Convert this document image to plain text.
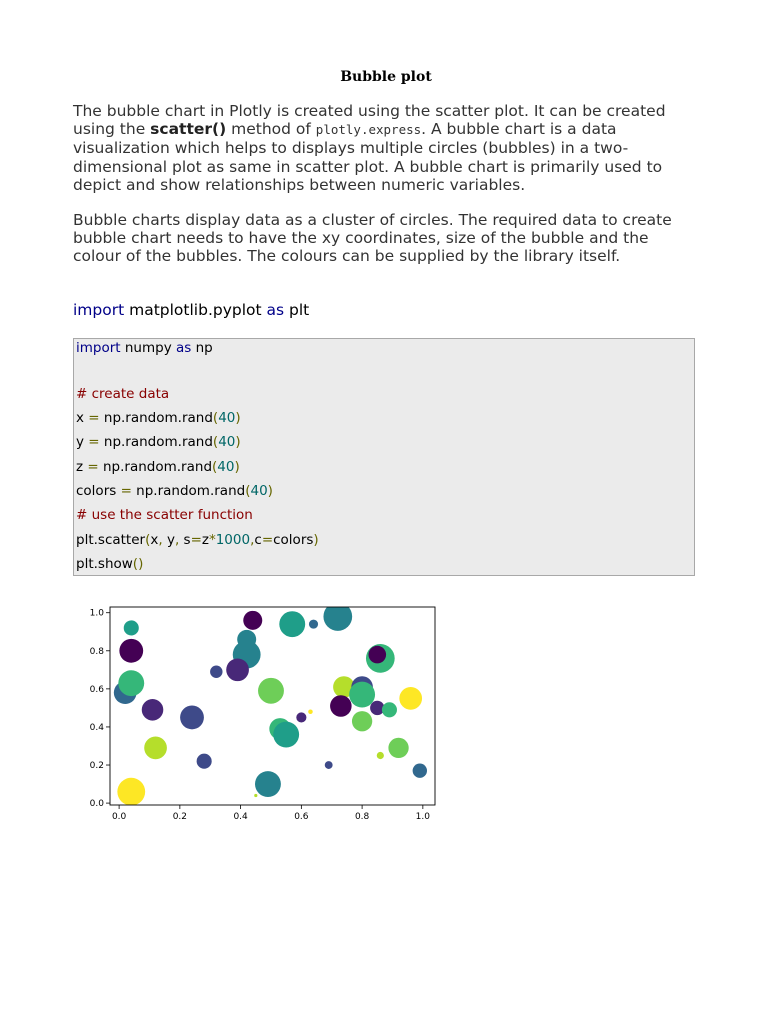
Bubble plot
The bubble chart in Plotly is created using the scatter plot. It can be created using the scatter() method of plotly.express. A bubble chart is a data visualization which helps to displays multiple circles (bubbles) in a two-dimensional plot as same in scatter plot. A bubble chart is primarily used to depict and show relationships between numeric variables.
Bubble charts display data as a cluster of circles. The required data to create bubble chart needs to have the xy coordinates, size of the bubble and the colour of the bubbles. The colours can be supplied by the library itself.
import matplotlib.pyplot as plt
import numpy as np
# create data
x = np.random.rand(40)
y = np.random.rand(40)
z = np.random.rand(40)
colors = np.random.rand(40)
# use the scatter function
plt.scatter(x, y, s=z*1000,c=colors)
plt.show()
0.0	0.2	0.4	0.6	0.8	1.0
0.0
0.2
0.4
0.6
0.8
1.0
